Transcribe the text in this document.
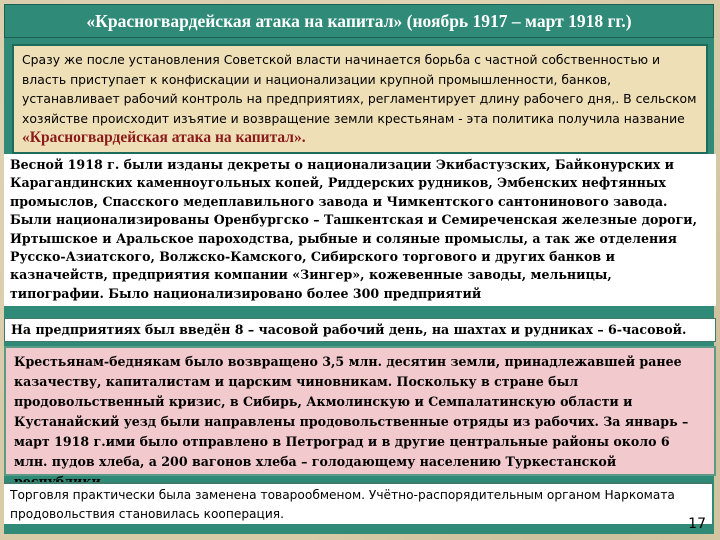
«Красногвардейская атака на капитал» (ноябрь 1917 – март 1918 гг.)

Сразу же после установления Советской власти начинается борьба с частной собственностью и власть приступает к конфискации и национализации крупной промышленности, банков, устанавливает рабочий контроль на предприятиях, регламентирует длину рабочего дня,. В сельском хозяйстве происходит изъятие и возвращение земли крестьянам - эта политика получила название «Красногвардейская атака на капитал».

Весной 1918 г. были изданы декреты о национализации Экибастузских, Байконурских и Карагандинских каменноугольных копей, Риддерских рудников, Эмбенских нефтянных промыслов, Спасского медеплавильного завода и Чимкентского сантонинового завода. Были национализированы Оренбургско – Ташкентская и Семиреченская железные дороги, Иртышское и Аральское пароходства, рыбные и соляные промыслы, а так же отделения Русско-Азиатского, Волжско-Камского, Сибирского торгового и других банков и казначейств, предприятия компании «Зингер», кожевенные заводы, мельницы, типографии. Было национализировано более 300 предприятий

На предприятиях был введён 8 – часовой рабочий день, на шахтах и рудниках – 6-часовой.

Крестьянам-беднякам было возвращено 3,5 млн. десятин земли, принадлежавшей ранее казачеству, капиталистам и царским чиновникам. Поскольку в стране был продовольственный кризис, в Сибирь, Акмолинскую и Семпалатинскую области и Кустанайский уезд были направлены продовольственные отряды из рабочих. За январь – март 1918 г.ими было отправлено в Петроград и в другие центральные районы около 6 млн. пудов хлеба, а 200 вагонов хлеба – голодающему населению Туркестанской

Торговля практически была заменена товарообменом. Учётно-распорядительным органом Наркомата продовольствия становилась кооперация.

17
